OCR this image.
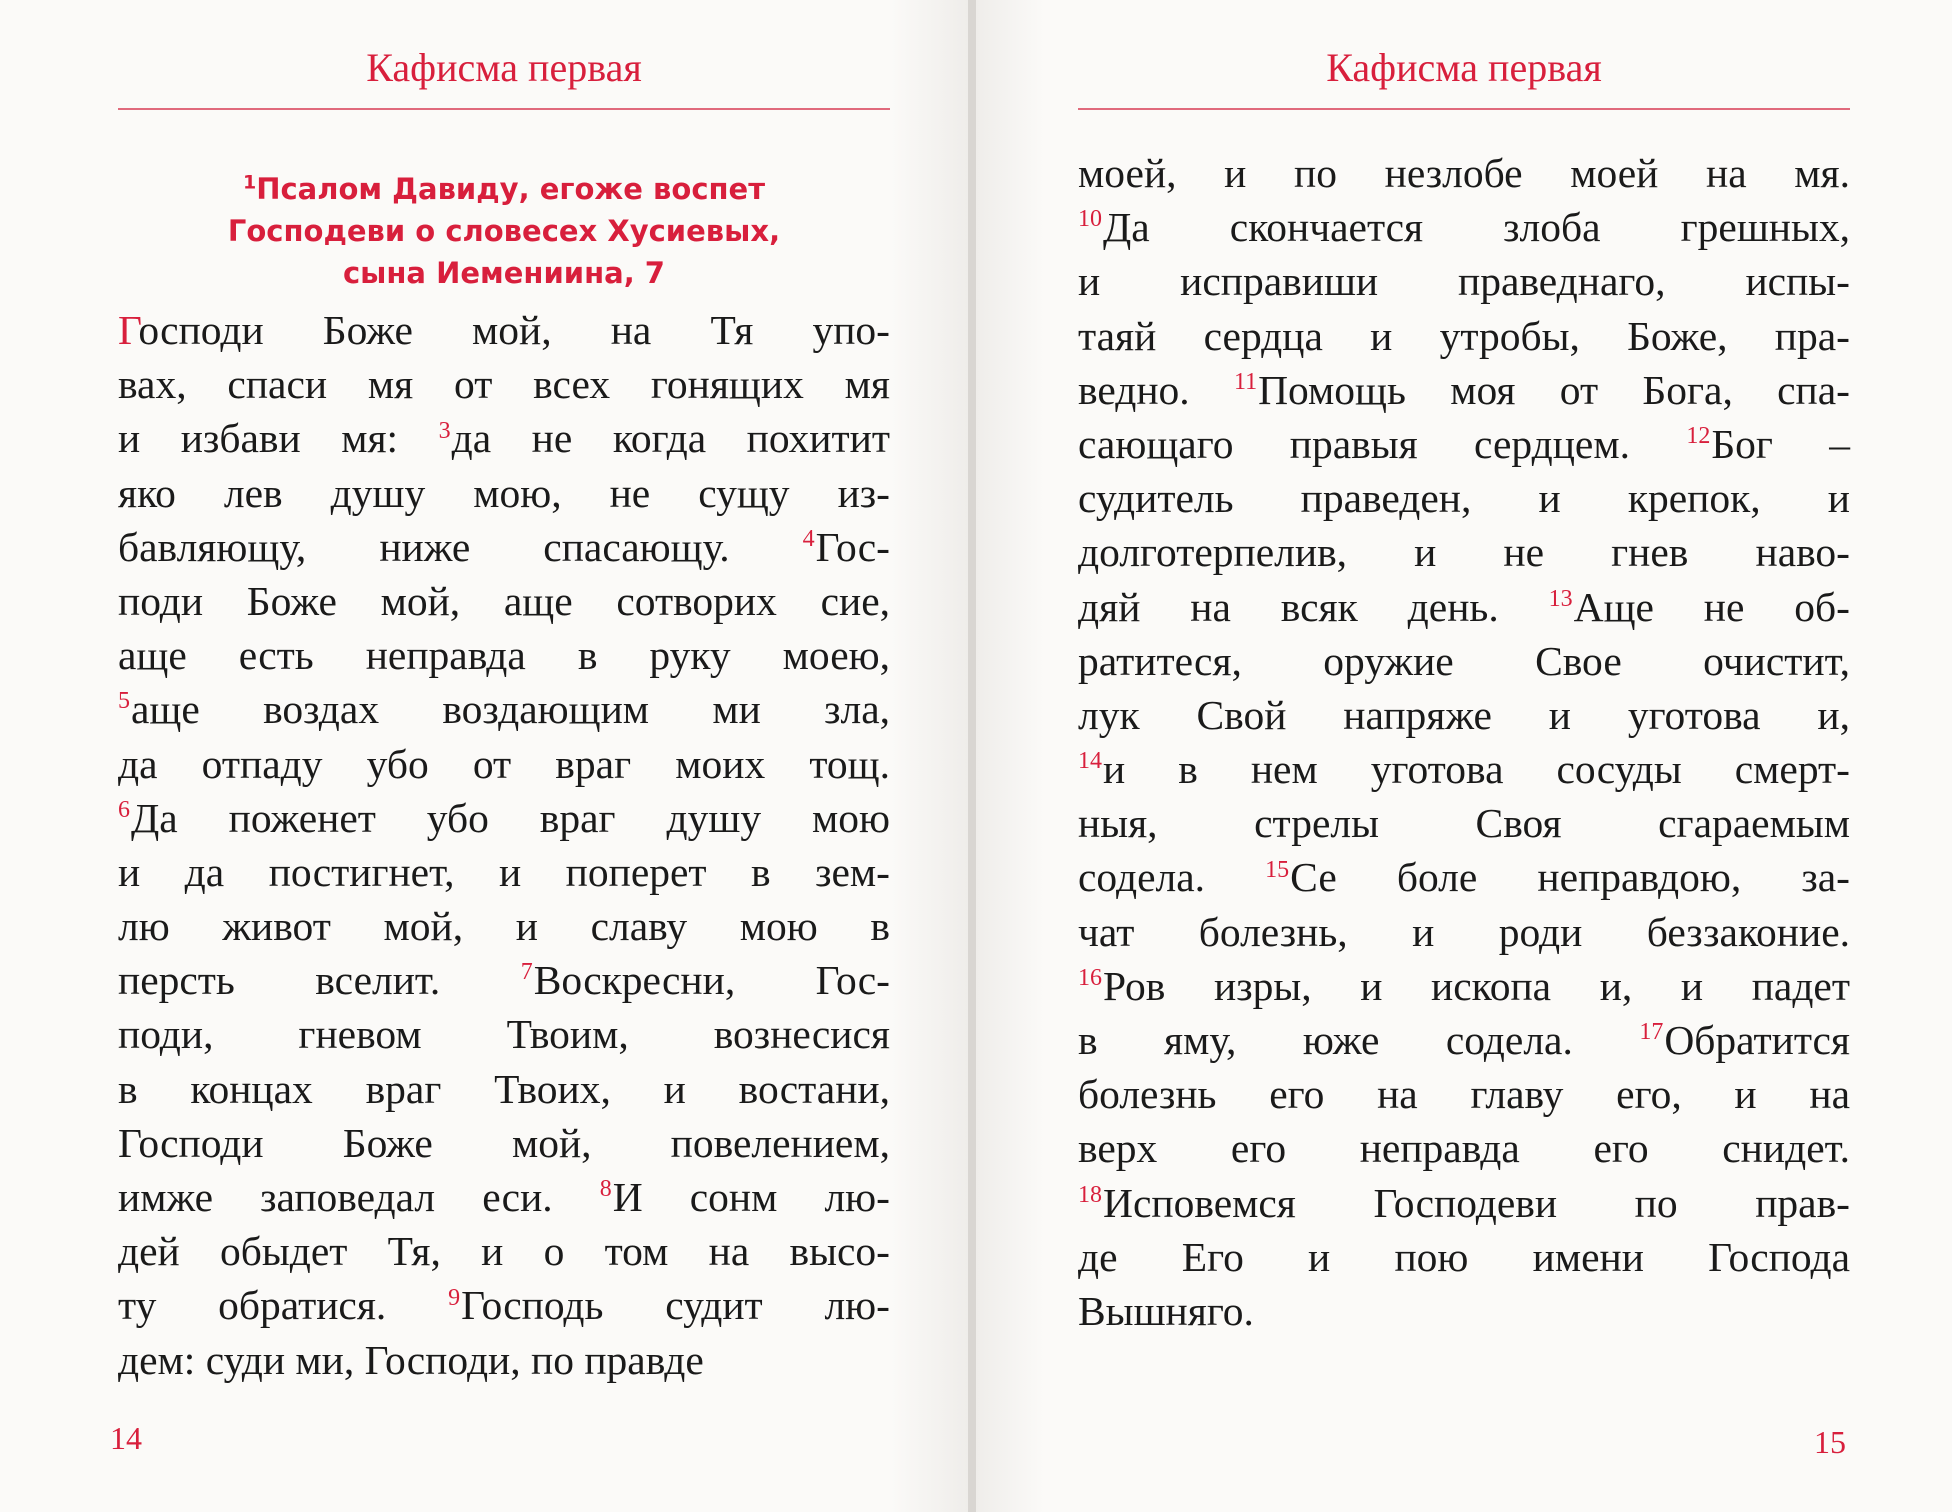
Кафисма первая
$^1$Псалом Давиду, егоже воспет
Господеви о словесех Хусиевых,
сына Иемениина, 7
Господи Боже мой, на Тя упо-
вах, спаси мя от всех гонящих мя
и избави мя: $^3$да не когда похитит
яко лев душу мою, не сущу из-
бавляющу, ниже спасающу. $^4$Гос-
поди Боже мой, аще сотворих сие,
аще есть неправда в руку моею,
$^5$аще воздах воздающим ми зла,
да отпаду убо от враг моих тощ.
$^6$Да поженет убо враг душу мою
и да постигнет, и поперет в зем-
лю живот мой, и славу мою в
персть вселит. $^7$Воскресни, Гос-
поди, гневом Твоим, вознесися
в концах враг Твоих, и востани,
Господи Боже мой, повелением,
имже заповедал еси. $^8$И сонм лю-
дей обыдет Тя, и о том на высо-
ту обратися. $^9$Господь судит лю-
дем: суди ми, Господи, по правде
14
Кафисма первая
моей, и по незлобе моей на мя.
$^{10}$Да скончается злоба грешных,
и исправиши праведнаго, испы-
таяй сердца и утробы, Боже, пра-
ведно. $^{11}$Помощь моя от Бога, спа-
сающаго правыя сердцем. $^{12}$Бог –
судитель праведен, и крепок, и
долготерпелив, и не гнев наво-
дяй на всяк день. $^{13}$Аще не об-
ратитеся, оружие Свое очистит,
лук Свой напряже и уготова и,
$^{14}$и в нем уготова сосуды смерт-
ныя, стрелы Своя сгараемым
содела. $^{15}$Се боле неправдою, за-
чат болезнь, и роди беззаконие.
$^{16}$Ров изры, и ископа и, и падет
в яму, юже содела. $^{17}$Обратится
болезнь его на главу его, и на
верх его неправда его снидет.
$^{18}$Исповемся Господеви по прав-
де Его и пою имени Господа
Вышняго.
15
